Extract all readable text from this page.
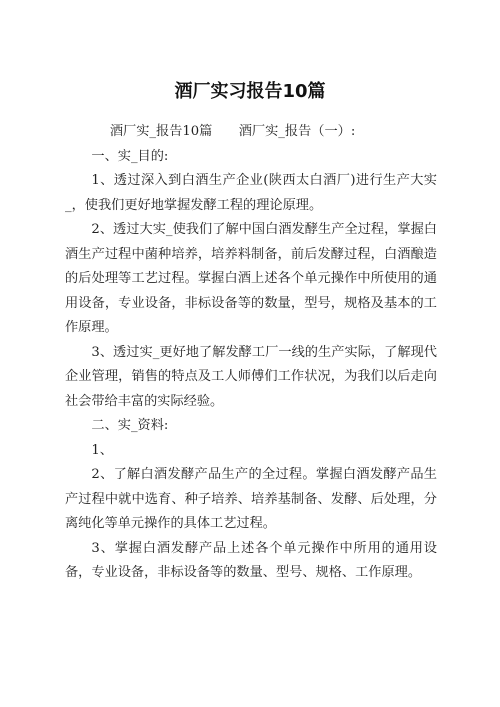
酒厂实习报告10篇

酒厂实_报告10篇　　酒厂实_报告（一）:

一、实_目的:

1、透过深入到白酒生产企业(陕西太白酒厂)进行生产大实_，使我们更好地掌握发酵工程的理论原理。

2、透过大实_使我们了解中国白酒发酵生产全过程，掌握白酒生产过程中菌种培养，培养料制备，前后发酵过程，白酒酿造的后处理等工艺过程。掌握白酒上述各个单元操作中所使用的通用设备，专业设备，非标设备等的数量，型号，规格及基本的工作原理。

3、透过实_更好地了解发酵工厂一线的生产实际，了解现代企业管理，销售的特点及工人师傅们工作状况，为我们以后走向社会带给丰富的实际经验。

二、实_资料:

1、

2、了解白酒发酵产品生产的全过程。掌握白酒发酵产品生产过程中就中选育、种子培养、培养基制备、发酵、后处理，分离纯化等单元操作的具体工艺过程。

3、掌握白酒发酵产品上述各个单元操作中所用的通用设备，专业设备，非标设备等的数量、型号、规格、工作原理。
